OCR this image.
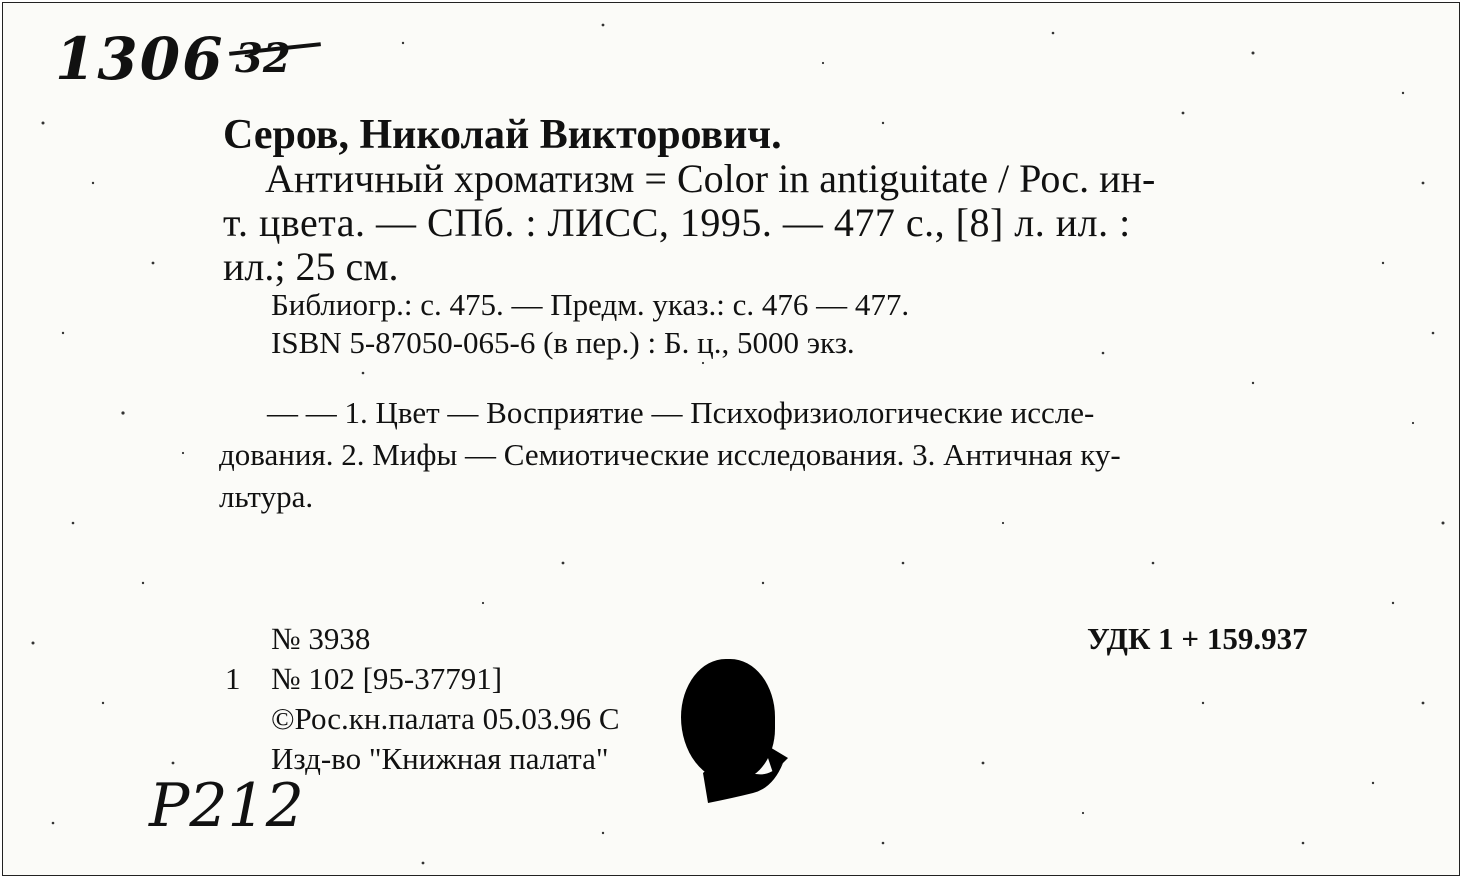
1306 32
Серов, Николай Викторович.
Античный хроматизм = Color in antiguitate / Рос. ин-
т. цвета. — СПб. : ЛИСС, 1995. — 477 с., [8] л. ил. :
ил.; 25 см.
Библиогр.: с. 475. — Предм. указ.: с. 476 — 477.
ISBN 5-87050-065-6 (в пер.) : Б. ц., 5000 экз.
— — 1. Цвет — Восприятие — Психофизиологические иссле-
дования. 2. Мифы — Семиотические исследования. 3. Античная ку-
льтура.
№ 3938	УДК 1 + 159.937
1 № 102 [95-37791]
©Рос.кн.палата 05.03.96 С
Изд-во "Книжная палата"
Р212
